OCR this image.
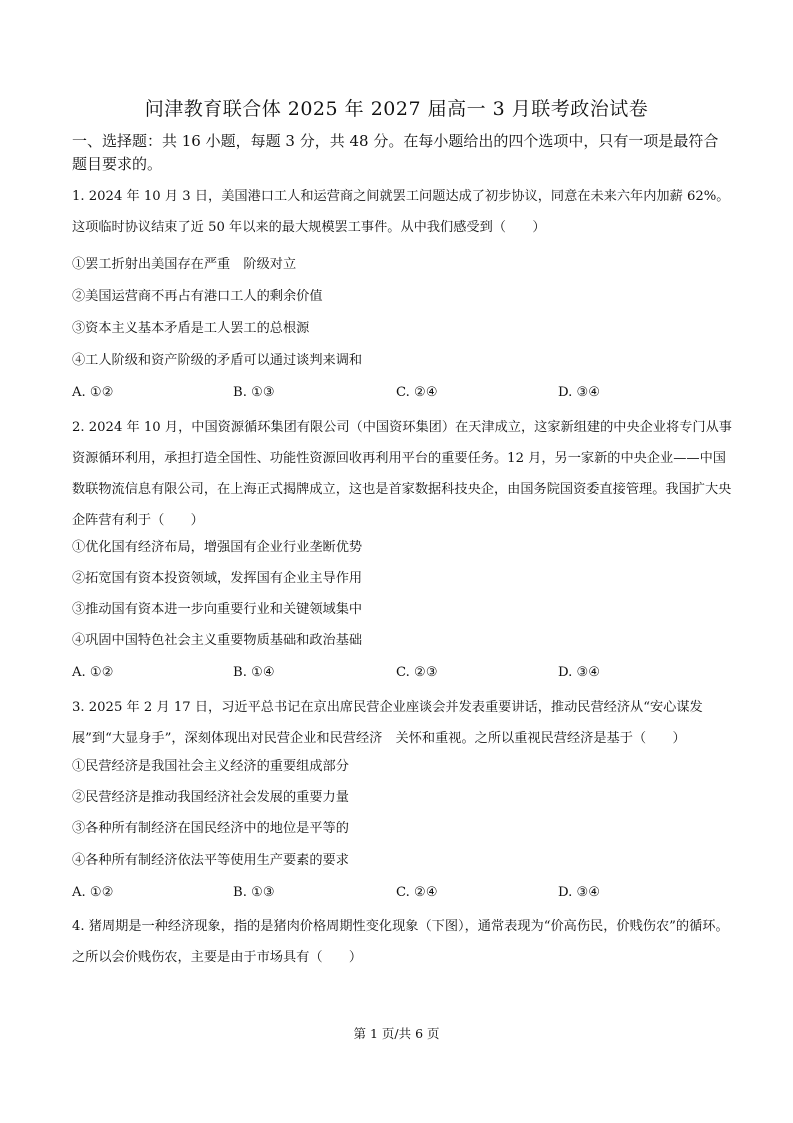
问津教育联合体 2025 年 2027 届高一 3 月联考政治试卷
一、选择题：共 16 小题，每题 3 分，共 48 分。在每小题给出的四个选项中，只有一项是最符合题目要求的。
1. 2024 年 10 月 3 日，美国港口工人和运营商之间就罢工问题达成了初步协议，同意在未来六年内加薪 62%。这项临时协议结束了近 50 年以来的最大规模罢工事件。从中我们感受到（　　）
①罢工折射出美国存在严重　阶级对立
②美国运营商不再占有港口工人的剩余价值
③资本主义基本矛盾是工人罢工的总根源
④工人阶级和资产阶级的矛盾可以通过谈判来调和
A. ①②	B. ①③	C. ②④	D. ③④
2. 2024 年 10 月，中国资源循环集团有限公司（中国资环集团）在天津成立，这家新组建的中央企业将专门从事资源循环利用，承担打造全国性、功能性资源回收再利用平台的重要任务。12 月，另一家新的中央企业——中国数联物流信息有限公司，在上海正式揭牌成立，这也是首家数据科技央企，由国务院国资委直接管理。我国扩大央企阵营有利于（　　）
①优化国有经济布局，增强国有企业行业垄断优势
②拓宽国有资本投资领域，发挥国有企业主导作用
③推动国有资本进一步向重要行业和关键领域集中
④巩固中国特色社会主义重要物质基础和政治基础
A. ①②	B. ①④	C. ②③	D. ③④
3. 2025 年 2 月 17 日，习近平总书记在京出席民营企业座谈会并发表重要讲话，推动民营经济从“安心谋发展”到“大显身手”，深刻体现出对民营企业和民营经济　关怀和重视。之所以重视民营经济是基于（　　）
①民营经济是我国社会主义经济的重要组成部分
②民营经济是推动我国经济社会发展的重要力量
③各种所有制经济在国民经济中的地位是平等的
④各种所有制经济依法平等使用生产要素的要求
A. ①②	B. ①③	C. ②④	D. ③④
4. 猪周期是一种经济现象，指的是猪肉价格周期性变化现象（下图），通常表现为“价高伤民，价贱伤农”的循环。之所以会价贱伤农，主要是由于市场具有（　　）
第 1 页/共 6 页
